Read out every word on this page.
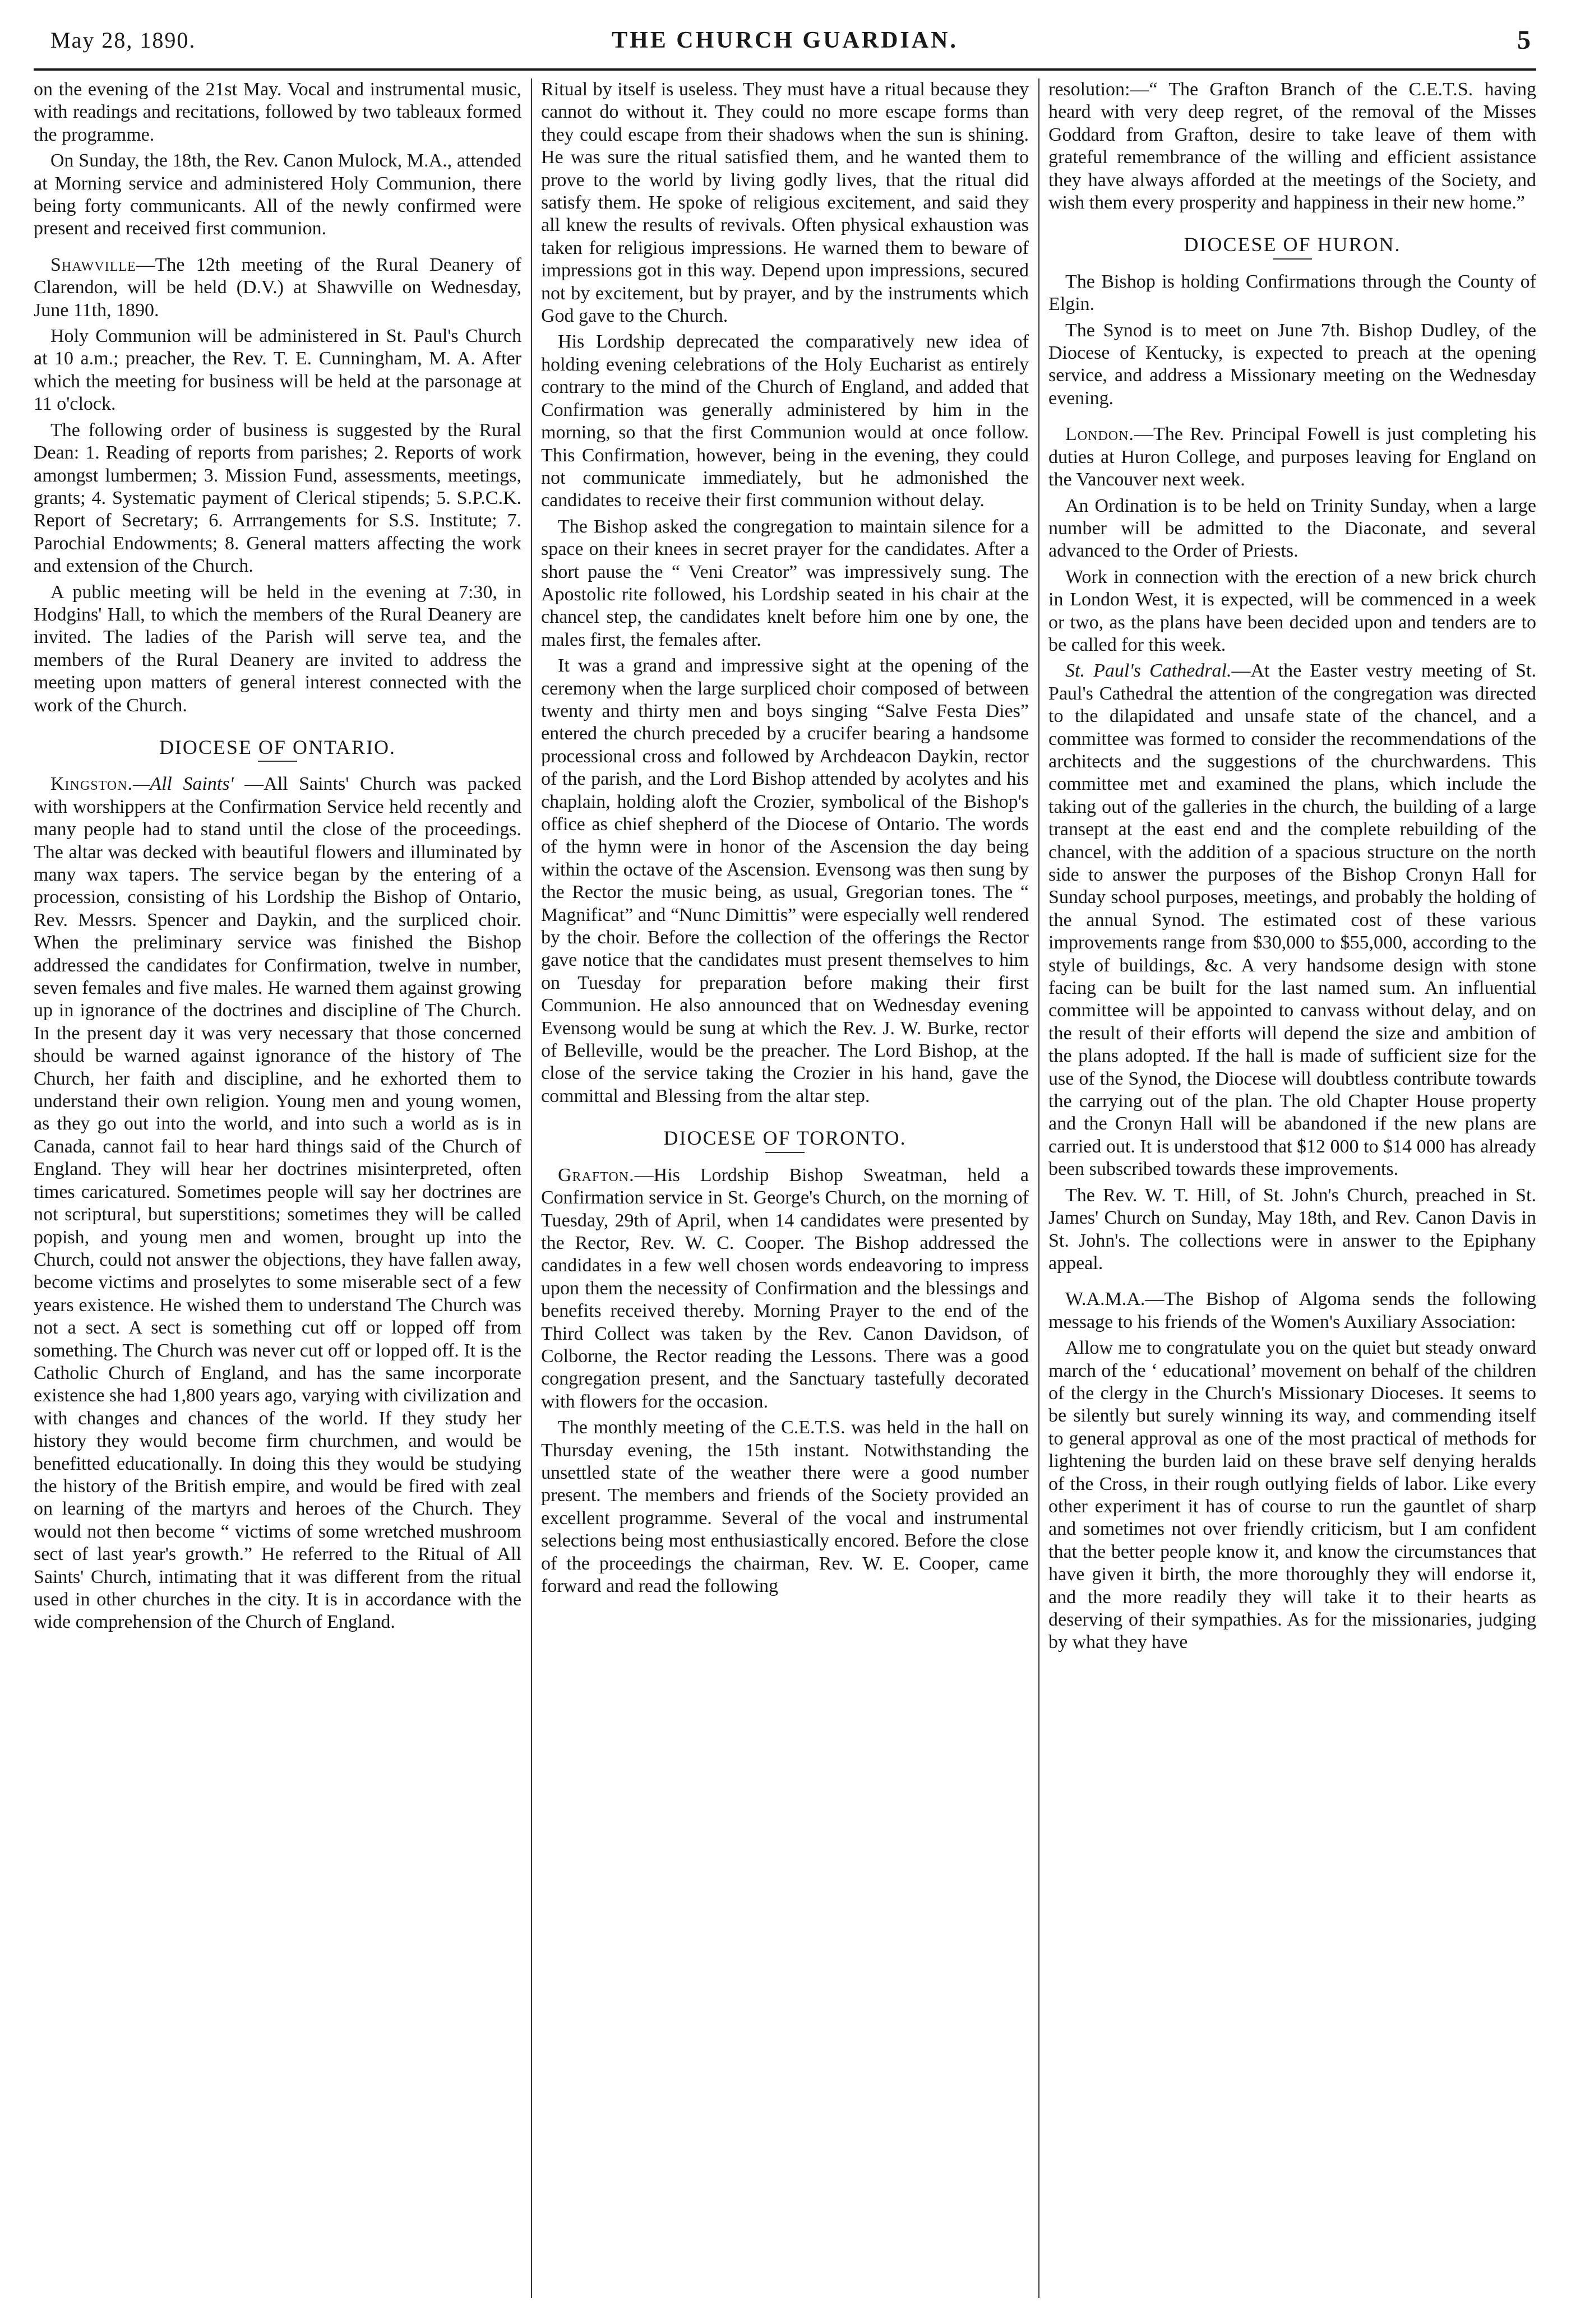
May 28, 1890.	THE CHURCH GUARDIAN.	5

on the evening of the 21st May. Vocal and instrumental music, with readings and recitations, followed by two tableaux formed the programme.

On Sunday, the 18th, the Rev. Canon Mulock, M.A., attended at Morning service and administered Holy Communion, there being forty communicants. All of the newly confirmed were present and received first communion.

Shawville—The 12th meeting of the Rural Deanery of Clarendon, will be held (D.V.) at Shawville on Wednesday, June 11th, 1890.

Holy Communion will be administered in St. Paul's Church at 10 a.m.; preacher, the Rev. T. E. Cunningham, M. A. After which the meeting for business will be held at the parsonage at 11 o'clock.

The following order of business is suggested by the Rural Dean: 1. Reading of reports from parishes; 2. Reports of work amongst lumbermen; 3. Mission Fund, assessments, meetings, grants; 4. Systematic payment of Clerical stipends; 5. S.P.C.K. Report of Secretary; 6. Arrrangements for S.S. Institute; 7. Parochial Endowments; 8. General matters affecting the work and extension of the Church.

A public meeting will be held in the evening at 7:30, in Hodgins' Hall, to which the members of the Rural Deanery are invited. The ladies of the Parish will serve tea, and the members of the Rural Deanery are invited to address the meeting upon matters of general interest connected with the work of the Church.

DIOCESE OF ONTARIO.

Kingston.—All Saints' —All Saints' Church was packed with worshippers at the Confirmation Service held recently and many people had to stand until the close of the proceedings. The altar was decked with beautiful flowers and illuminated by many wax tapers. The service began by the entering of a procession, consisting of his Lordship the Bishop of Ontario, Rev. Messrs. Spencer and Daykin, and the surpliced choir. When the preliminary service was finished the Bishop addressed the candidates for Confirmation, twelve in number, seven females and five males. He warned them against growing up in ignorance of the doctrines and discipline of The Church. In the present day it was very necessary that those concerned should be warned against ignorance of the history of The Church, her faith and discipline, and he exhorted them to understand their own religion. Young men and young women, as they go out into the world, and into such a world as is in Canada, cannot fail to hear hard things said of the Church of England. They will hear her doctrines misinterpreted, often times caricatured. Sometimes people will say her doctrines are not scriptural, but superstitions; sometimes they will be called popish, and young men and women, brought up into the Church, could not answer the objections, they have fallen away, become victims and proselytes to some miserable sect of a few years existence. He wished them to understand The Church was not a sect. A sect is something cut off or lopped off from something. The Church was never cut off or lopped off. It is the Catholic Church of England, and has the same incorporate existence she had 1,800 years ago, varying with civilization and with changes and chances of the world. If they study her history they would become firm churchmen, and would be benefitted educationally. In doing this they would be studying the history of the British empire, and would be fired with zeal on learning of the martyrs and heroes of the Church. They would not then become “ victims of some wretched mushroom sect of last year's growth.” He referred to the Ritual of All Saints' Church, intimating that it was different from the ritual used in other churches in the city. It is in accordance with the wide comprehension of the Church of England.

Ritual by itself is useless. They must have a ritual because they cannot do without it. They could no more escape forms than they could escape from their shadows when the sun is shining. He was sure the ritual satisfied them, and he wanted them to prove to the world by living godly lives, that the ritual did satisfy them. He spoke of religious excitement, and said they all knew the results of revivals. Often physical exhaustion was taken for religious impressions. He warned them to beware of impressions got in this way. Depend upon impressions, secured not by excitement, but by prayer, and by the instruments which God gave to the Church.

His Lordship deprecated the comparatively new idea of holding evening celebrations of the Holy Eucharist as entirely contrary to the mind of the Church of England, and added that Confirmation was generally administered by him in the morning, so that the first Communion would at once follow. This Confirmation, however, being in the evening, they could not communicate immediately, but he admonished the candidates to receive their first communion without delay.

The Bishop asked the congregation to maintain silence for a space on their knees in secret prayer for the candidates. After a short pause the “ Veni Creator” was impressively sung. The Apostolic rite followed, his Lordship seated in his chair at the chancel step, the candidates knelt before him one by one, the males first, the females after.

It was a grand and impressive sight at the opening of the ceremony when the large surpliced choir composed of between twenty and thirty men and boys singing “Salve Festa Dies” entered the church preceded by a crucifer bearing a handsome processional cross and followed by Archdeacon Daykin, rector of the parish, and the Lord Bishop attended by acolytes and his chaplain, holding aloft the Crozier, symbolical of the Bishop's office as chief shepherd of the Diocese of Ontario. The words of the hymn were in honor of the Ascension the day being within the octave of the Ascension. Evensong was then sung by the Rector the music being, as usual, Gregorian tones. The “ Magnificat” and “Nunc Dimittis” were especially well rendered by the choir. Before the collection of the offerings the Rector gave notice that the candidates must present themselves to him on Tuesday for preparation before making their first Communion. He also announced that on Wednesday evening Evensong would be sung at which the Rev. J. W. Burke, rector of Belleville, would be the preacher. The Lord Bishop, at the close of the service taking the Crozier in his hand, gave the committal and Blessing from the altar step.

DIOCESE OF TORONTO.

Grafton.—His Lordship Bishop Sweatman, held a Confirmation service in St. George's Church, on the morning of Tuesday, 29th of April, when 14 candidates were presented by the Rector, Rev. W. C. Cooper. The Bishop addressed the candidates in a few well chosen words endeavoring to impress upon them the necessity of Confirmation and the blessings and benefits received thereby. Morning Prayer to the end of the Third Collect was taken by the Rev. Canon Davidson, of Colborne, the Rector reading the Lessons. There was a good congregation present, and the Sanctuary tastefully decorated with flowers for the occasion.

The monthly meeting of the C.E.T.S. was held in the hall on Thursday evening, the 15th instant. Notwithstanding the unsettled state of the weather there were a good number present. The members and friends of the Society provided an excellent programme. Several of the vocal and instrumental selections being most enthusiastically encored. Before the close of the proceedings the chairman, Rev. W. E. Cooper, came forward and read the following

resolution:—“ The Grafton Branch of the C.E.T.S. having heard with very deep regret, of the removal of the Misses Goddard from Grafton, desire to take leave of them with grateful remembrance of the willing and efficient assistance they have always afforded at the meetings of the Society, and wish them every prosperity and happiness in their new home.”

DIOCESE OF HURON.

The Bishop is holding Confirmations through the County of Elgin.

The Synod is to meet on June 7th. Bishop Dudley, of the Diocese of Kentucky, is expected to preach at the opening service, and address a Missionary meeting on the Wednesday evening.

London.—The Rev. Principal Fowell is just completing his duties at Huron College, and purposes leaving for England on the Vancouver next week.

An Ordination is to be held on Trinity Sunday, when a large number will be admitted to the Diaconate, and several advanced to the Order of Priests.

Work in connection with the erection of a new brick church in London West, it is expected, will be commenced in a week or two, as the plans have been decided upon and tenders are to be called for this week.

St. Paul's Cathedral.—At the Easter vestry meeting of St. Paul's Cathedral the attention of the congregation was directed to the dilapidated and unsafe state of the chancel, and a committee was formed to consider the recommendations of the architects and the suggestions of the churchwardens. This committee met and examined the plans, which include the taking out of the galleries in the church, the building of a large transept at the east end and the complete rebuilding of the chancel, with the addition of a spacious structure on the north side to answer the purposes of the Bishop Cronyn Hall for Sunday school purposes, meetings, and probably the holding of the annual Synod. The estimated cost of these various improvements range from $30,000 to $55,000, according to the style of buildings, &c. A very handsome design with stone facing can be built for the last named sum. An influential committee will be appointed to canvass without delay, and on the result of their efforts will depend the size and ambition of the plans adopted. If the hall is made of sufficient size for the use of the Synod, the Diocese will doubtless contribute towards the carrying out of the plan. The old Chapter House property and the Cronyn Hall will be abandoned if the new plans are carried out. It is understood that $12 000 to $14 000 has already been subscribed towards these improvements.

The Rev. W. T. Hill, of St. John's Church, preached in St. James' Church on Sunday, May 18th, and Rev. Canon Davis in St. John's. The collections were in answer to the Epiphany appeal.

W.A.M.A.—The Bishop of Algoma sends the following message to his friends of the Women's Auxiliary Association:

Allow me to congratulate you on the quiet but steady onward march of the ‘ educational’ movement on behalf of the children of the clergy in the Church's Missionary Dioceses. It seems to be silently but surely winning its way, and commending itself to general approval as one of the most practical of methods for lightening the burden laid on these brave self denying heralds of the Cross, in their rough outlying fields of labor. Like every other experiment it has of course to run the gauntlet of sharp and sometimes not over friendly criticism, but I am confident that the better people know it, and know the circumstances that have given it birth, the more thoroughly they will endorse it, and the more readily they will take it to their hearts as deserving of their sympathies. As for the missionaries, judging by what they have
